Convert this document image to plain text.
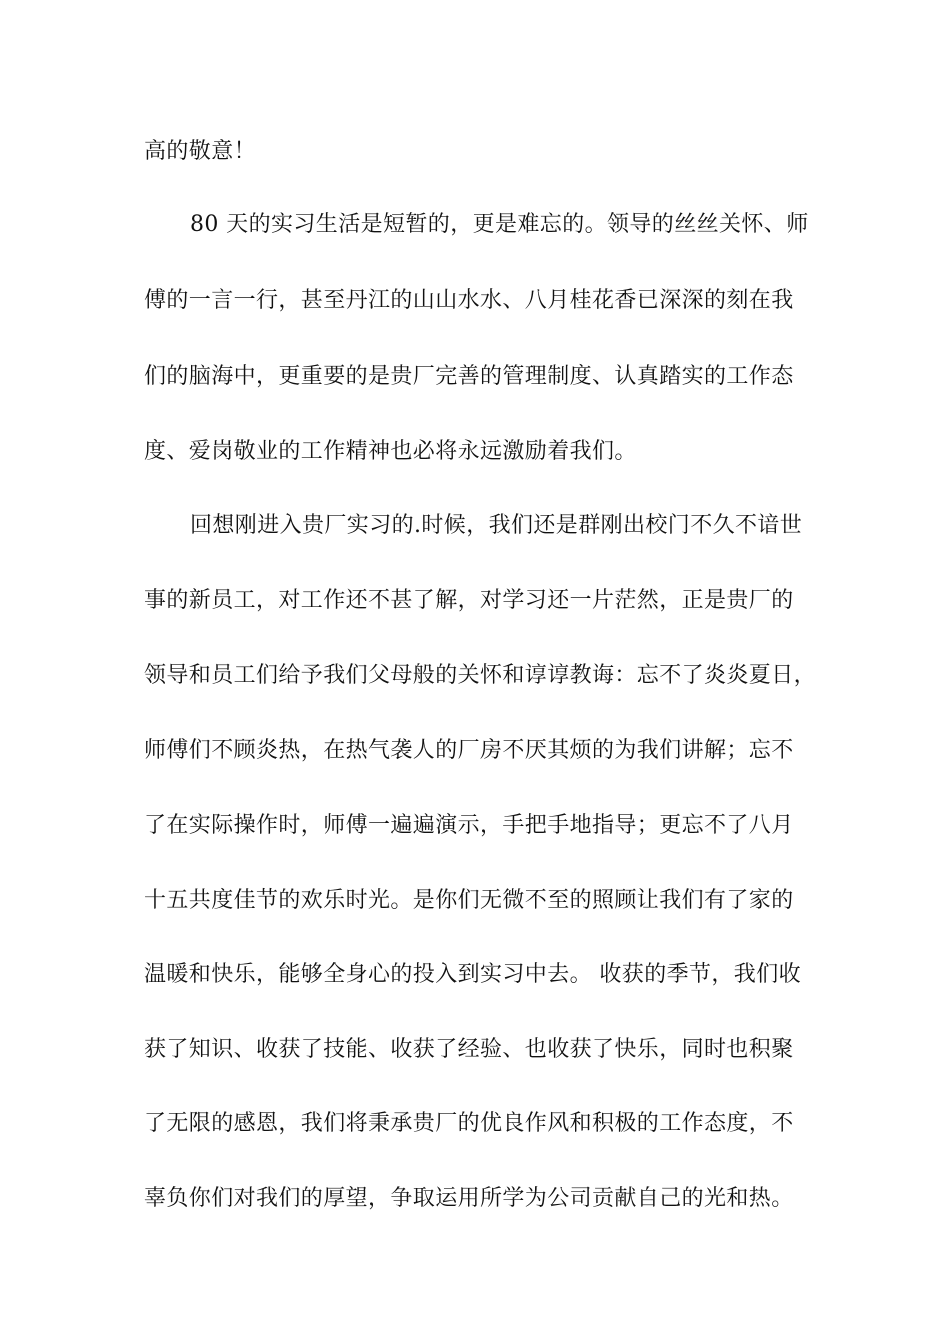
高的敬意！
80 天的实习生活是短暂的，更是难忘的。领导的丝丝关怀、师
傅的一言一行，甚至丹江的山山水水、八月桂花香已深深的刻在我
们的脑海中，更重要的是贵厂完善的管理制度、认真踏实的工作态
度、爱岗敬业的工作精神也必将永远激励着我们。
回想刚进入贵厂实习的.时候，我们还是群刚出校门不久不谙世
事的新员工，对工作还不甚了解，对学习还一片茫然，正是贵厂的
领导和员工们给予我们父母般的关怀和谆谆教诲：忘不了炎炎夏日，
师傅们不顾炎热，在热气袭人的厂房不厌其烦的为我们讲解；忘不
了在实际操作时，师傅一遍遍演示，手把手地指导；更忘不了八月
十五共度佳节的欢乐时光。是你们无微不至的照顾让我们有了家的
温暖和快乐，能够全身心的投入到实习中去。 收获的季节，我们收
获了知识、收获了技能、收获了经验、也收获了快乐，同时也积聚
了无限的感恩，我们将秉承贵厂的优良作风和积极的工作态度，不
辜负你们对我们的厚望，争取运用所学为公司贡献自己的光和热。
